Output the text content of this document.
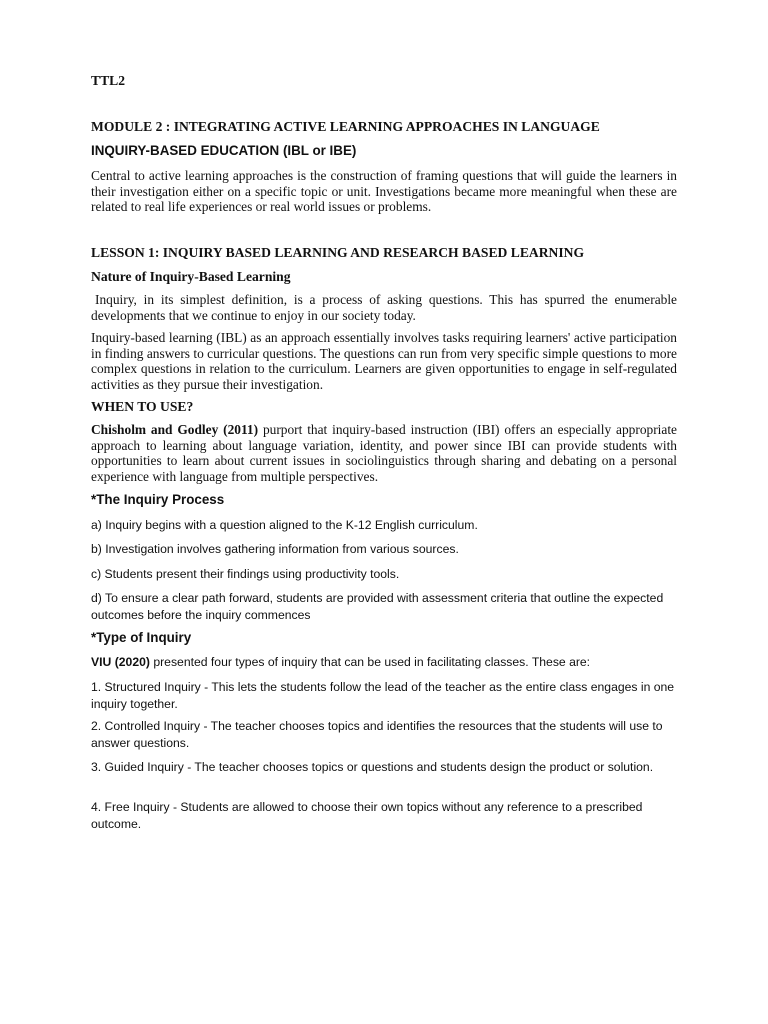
TTL2

MODULE 2 : INTEGRATING ACTIVE LEARNING APPROACHES IN LANGUAGE

INQUIRY-BASED EDUCATION (IBL or IBE)

Central to active learning approaches is the construction of framing questions that will guide the learners in their investigation either on a specific topic or unit. Investigations became more meaningful when these are related to real life experiences or real world issues or problems.

LESSON 1: INQUIRY BASED LEARNING AND RESEARCH BASED LEARNING

Nature of Inquiry-Based Learning

Inquiry, in its simplest definition, is a process of asking questions. This has spurred the enumerable developments that we continue to enjoy in our society today.

Inquiry-based learning (IBL) as an approach essentially involves tasks requiring learners' active participation in finding answers to curricular questions. The questions can run from very specific simple questions to more complex questions in relation to the curriculum. Learners are given opportunities to engage in self-regulated activities as they pursue their investigation.

WHEN TO USE?

Chisholm and Godley (2011) purport that inquiry-based instruction (IBI) offers an especially appropriate approach to learning about language variation, identity, and power since IBI can provide students with opportunities to learn about current issues in sociolinguistics through sharing and debating on a personal experience with language from multiple perspectives.

*The Inquiry Process

a) Inquiry begins with a question aligned to the K-12 English curriculum.

b) Investigation involves gathering information from various sources.

c) Students present their findings using productivity tools.

d) To ensure a clear path forward, students are provided with assessment criteria that outline the expected outcomes before the inquiry commences

*Type of Inquiry

VIU (2020) presented four types of inquiry that can be used in facilitating classes. These are:

1. Structured Inquiry - This lets the students follow the lead of the teacher as the entire class engages in one inquiry together.

2. Controlled Inquiry - The teacher chooses topics and identifies the resources that the students will use to answer questions.

3. Guided Inquiry - The teacher chooses topics or questions and students design the product or solution.

4. Free Inquiry - Students are allowed to choose their own topics without any reference to a prescribed outcome.
